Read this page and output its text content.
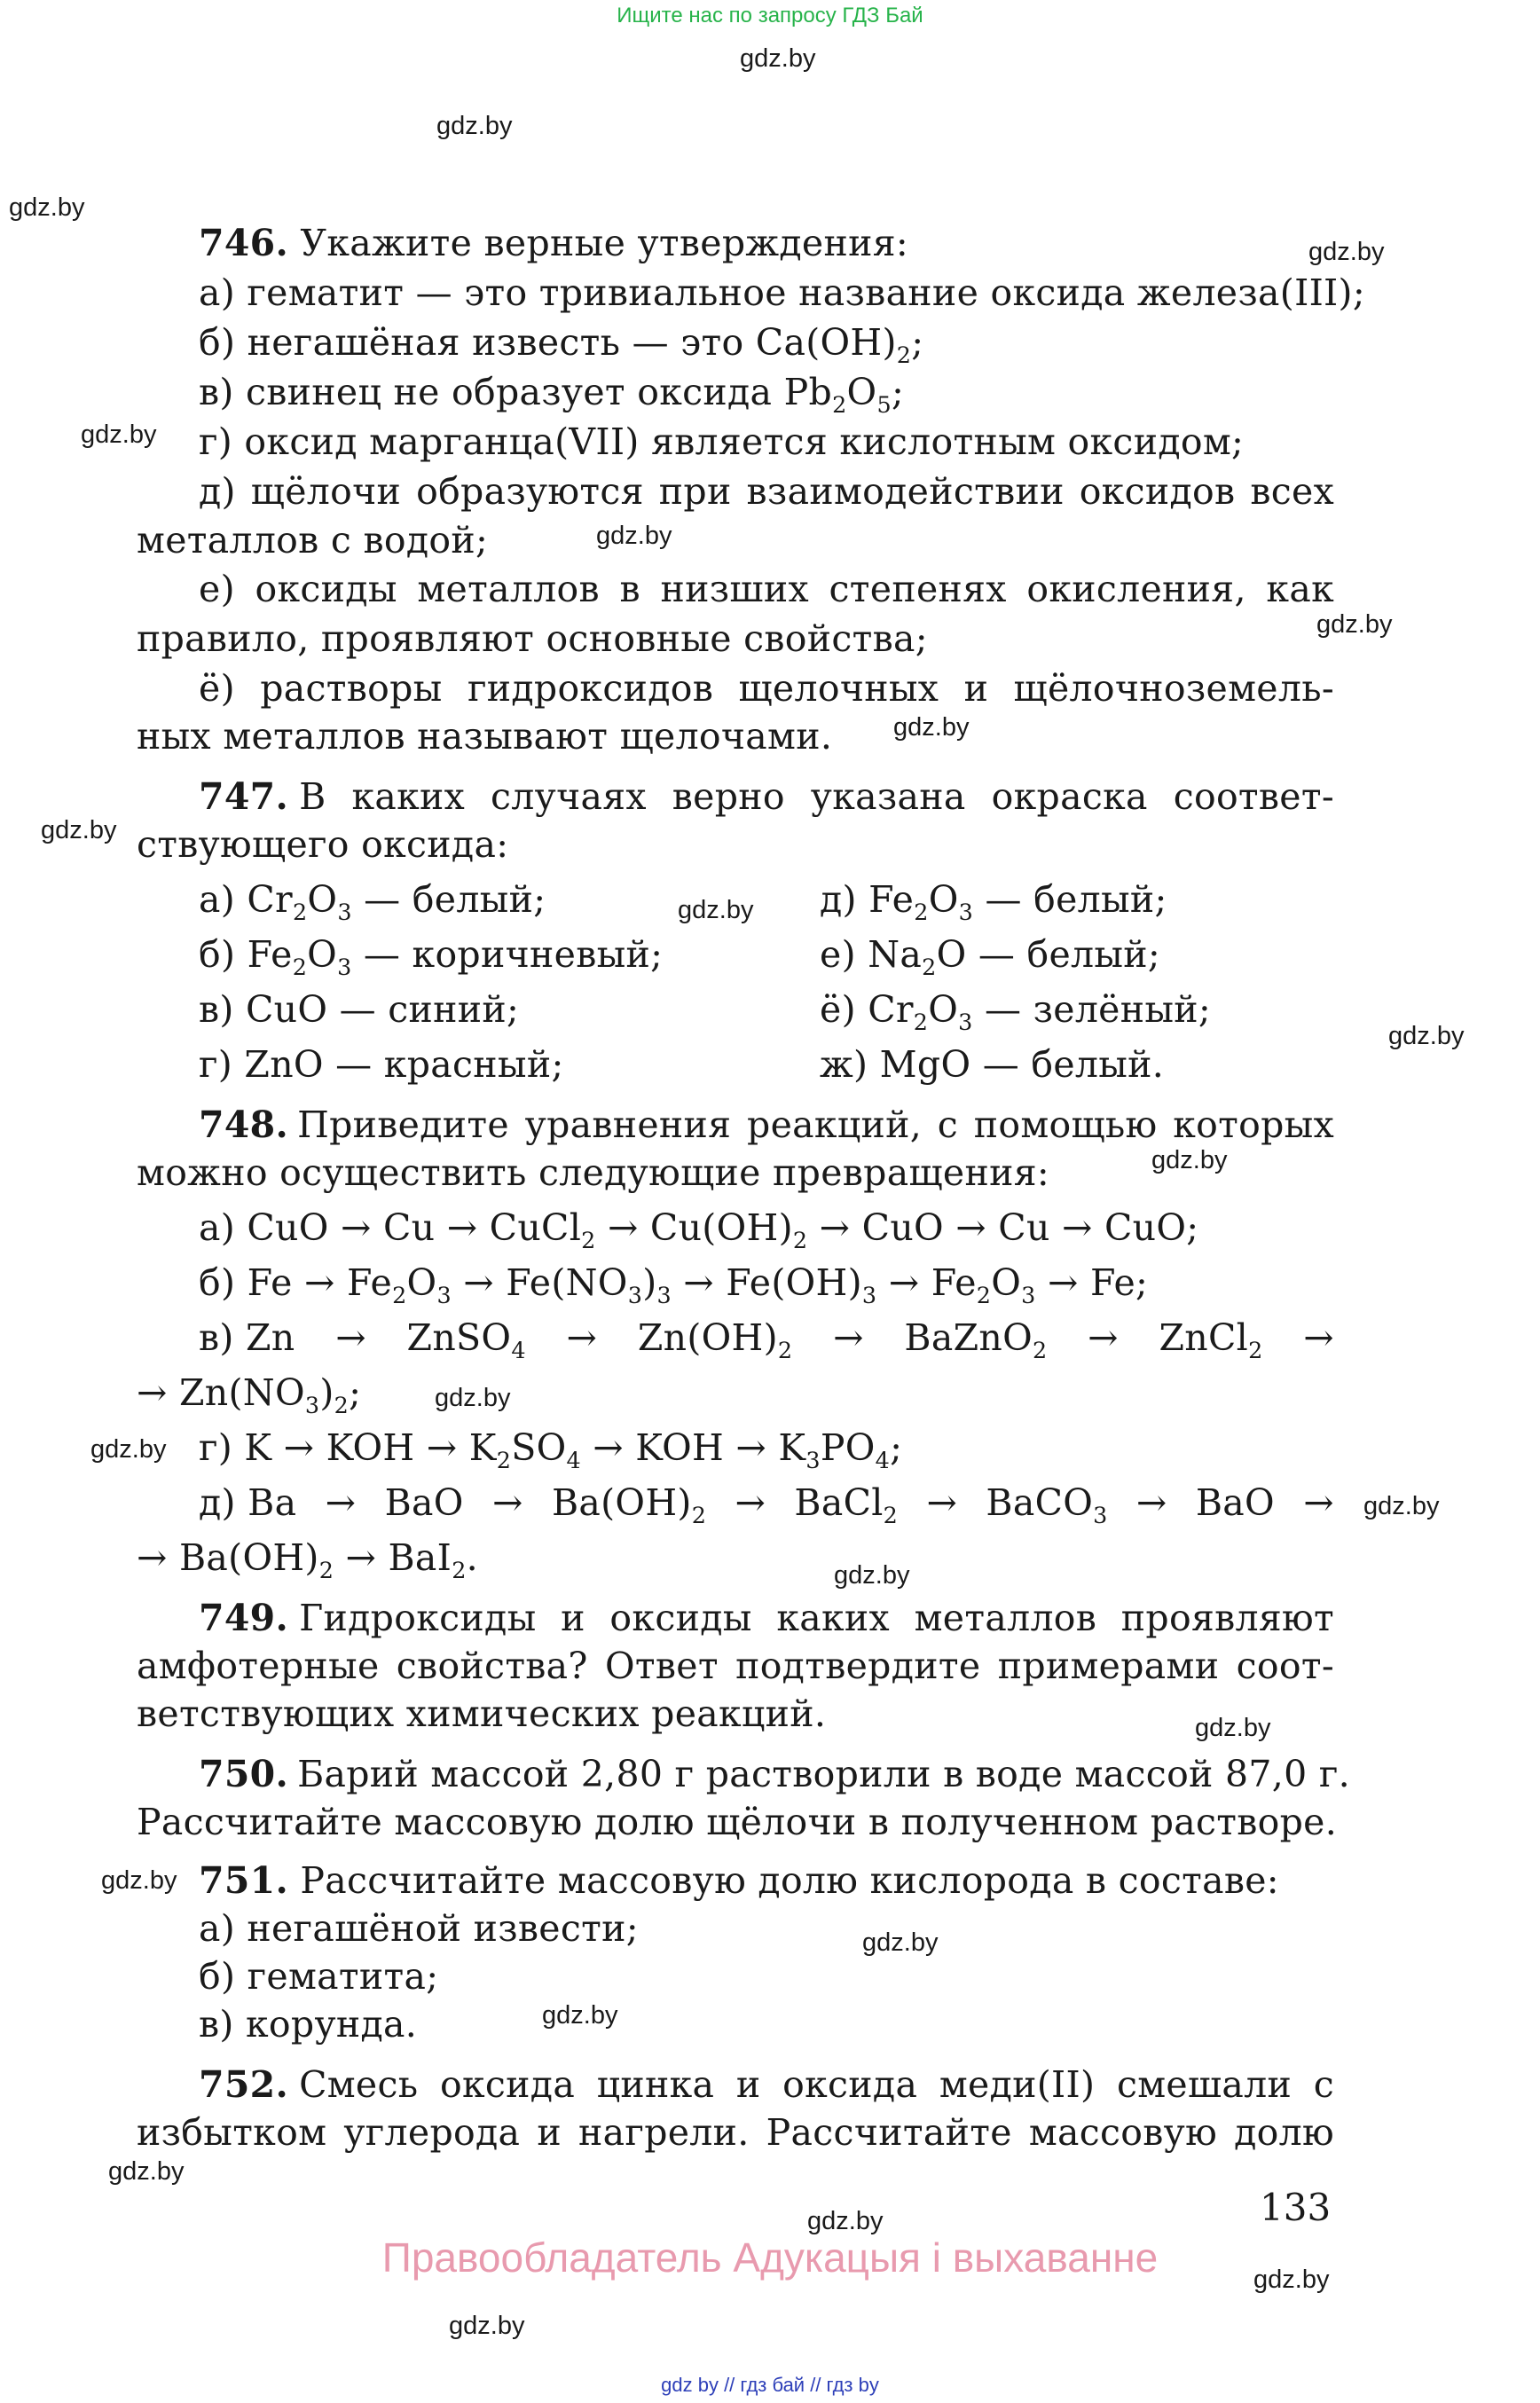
Ищите нас по запросу ГДЗ Бай
gdz.by
gdz.by
gdz.by
gdz.by
gdz.by
gdz.by
gdz.by
gdz.by
gdz.by
gdz.by
gdz.by
gdz.by
gdz.by
gdz.by
gdz.by
gdz.by
gdz.by
gdz.by
gdz.by
gdz.by
gdz.by
gdz.by
gdz.by
gdz.by
746. Укажите верные утверждения:
а) гематит — это тривиальное название оксида железа(III);
б) негашёная известь — это $Ca(OH)_2$;
в) свинец не образует оксида $Pb_2O_5$;
г) оксид марганца(VII) является кислотным оксидом;
д) щёлочи образуются при взаимодействии оксидов всех
металлов с водой;
е) оксиды металлов в низших степенях окисления, как
правило, проявляют основные свойства;
ё) растворы гидроксидов щелочных и щёлочноземель-
ных металлов называют щелочами.
747. В каких случаях верно указана окраска соответ-
ствующего оксида:
а) $Cr_2O_3$ — белый;
б) $Fe_2O_3$ — коричневый;
в) CuO — синий;
г) ZnO — красный;
д) $Fe_2O_3$ — белый;
е) $Na_2O$ — белый;
ё) $Cr_2O_3$ — зелёный;
ж) MgO — белый.
748. Приведите уравнения реакций, с помощью которых
можно осуществить следующие превращения:
а) CuO → Cu → CuCl$_2$ → $Cu(OH)_2$ → CuO → Cu → CuO;
б) $Fe \to Fe_2O_3 \to Fe(NO_3)_3 \to Fe(OH)_3 \to Fe_2O_3 \to Fe$;
в) Zn → ZnSO$_4$ → $Zn(OH)_2$ → BaZnO$_2$ → ZnCl$_2$ →
→ $Zn(NO_3)_2$;
г) K → KOH → $K_2SO_4$ → KOH → $K_3PO_4$;
д) Ba → BaO → $Ba(OH)_2$ → BaCl$_2$ → BaCO$_3$ → BaO →
→ $Ba(OH)_2 \to BaI_2$.
749. Гидроксиды и оксиды каких металлов проявляют
амфотерные свойства? Ответ подтвердите примерами соот-
ветствующих химических реакций.
750. Барий массой 2,80 г растворили в воде массой 87,0 г.
Рассчитайте массовую долю щёлочи в полученном растворе.
751. Рассчитайте массовую долю кислорода в составе:
а) негашёной извести;
б) гематита;
в) корунда.
752. Смесь оксида цинка и оксида меди(II) смешали с
избытком углерода и нагрели. Рассчитайте массовую долю
133
Правообладатель Адукацыя і выхаванне
gdz by // гдз бай // гдз by
